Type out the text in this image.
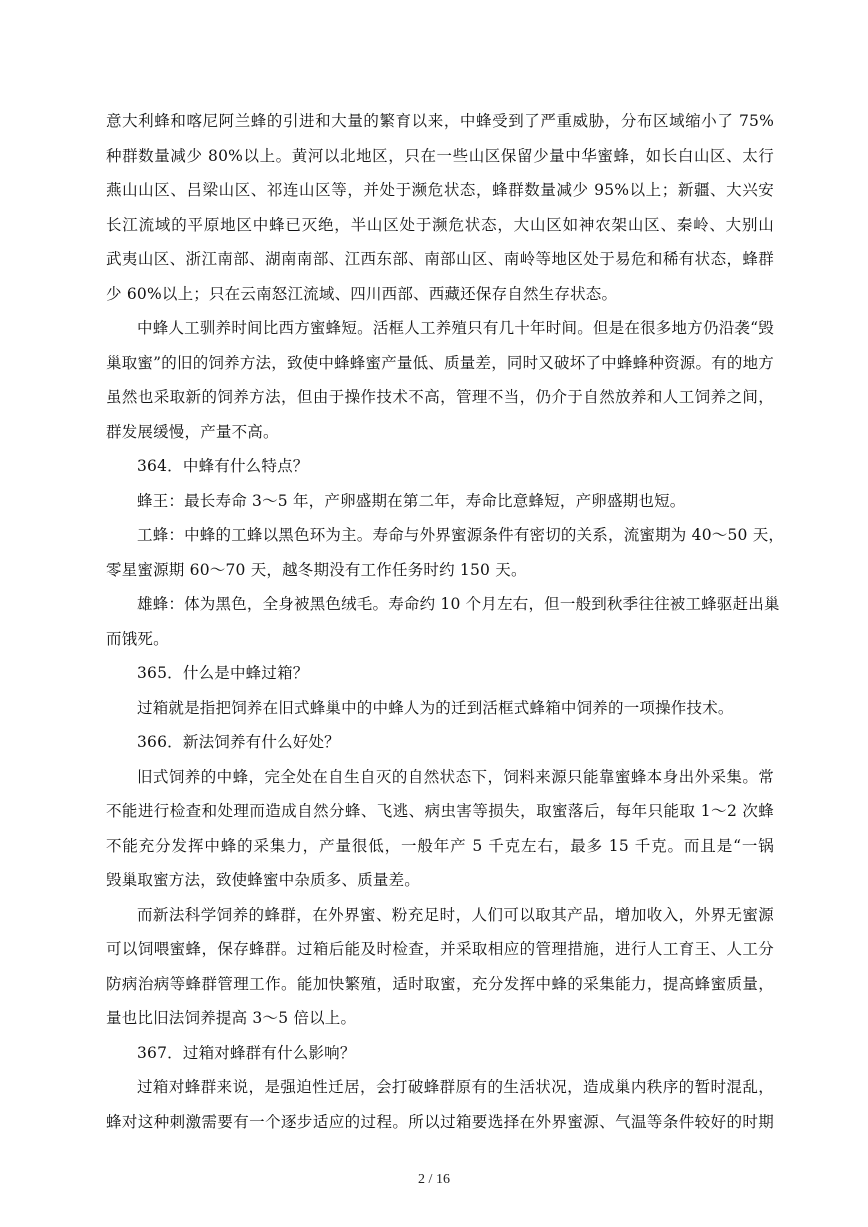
意大利蜂和喀尼阿兰蜂的引进和大量的繁育以来，中蜂受到了严重威胁，分布区域缩小了 75%
种群数量减少 80%以上。黄河以北地区，只在一些山区保留少量中华蜜蜂，如长白山区、太行
燕山山区、吕梁山区、祁连山区等，并处于濒危状态，蜂群数量减少 95%以上；新疆、大兴安
长江流域的平原地区中蜂已灭绝，半山区处于濒危状态，大山区如神农架山区、秦岭、大别山
武夷山区、浙江南部、湖南南部、江西东部、南部山区、南岭等地区处于易危和稀有状态，蜂群
少 60%以上；只在云南怒江流域、四川西部、西藏还保存自然生存状态。
中蜂人工驯养时间比西方蜜蜂短。活框人工养殖只有几十年时间。但是在很多地方仍沿袭“毁
巢取蜜”的旧的饲养方法，致使中蜂蜂蜜产量低、质量差，同时又破坏了中蜂蜂种资源。有的地方
虽然也采取新的饲养方法，但由于操作技术不高，管理不当，仍介于自然放养和人工饲养之间，
群发展缓慢，产量不高。
364．中蜂有什么特点？
蜂王：最长寿命 3～5 年，产卵盛期在第二年，寿命比意蜂短，产卵盛期也短。
工蜂：中蜂的工蜂以黑色环为主。寿命与外界蜜源条件有密切的关系，流蜜期为 40～50 天，
零星蜜源期 60～70 天，越冬期没有工作任务时约 150 天。
雄蜂：体为黑色，全身被黑色绒毛。寿命约 10 个月左右，但一般到秋季往往被工蜂驱赶出巢
而饿死。
365．什么是中蜂过箱？
过箱就是指把饲养在旧式蜂巢中的中蜂人为的迁到活框式蜂箱中饲养的一项操作技术。
366．新法饲养有什么好处？
旧式饲养的中蜂，完全处在自生自灭的自然状态下，饲料来源只能靠蜜蜂本身出外采集。常
不能进行检查和处理而造成自然分蜂、飞逃、病虫害等损失，取蜜落后，每年只能取 1～2 次蜂
不能充分发挥中蜂的采集力，产量很低，一般年产 5 千克左右，最多 15 千克。而且是“一锅
毁巢取蜜方法，致使蜂蜜中杂质多、质量差。
而新法科学饲养的蜂群，在外界蜜、粉充足时，人们可以取其产品，增加收入，外界无蜜源
可以饲喂蜜蜂，保存蜂群。过箱后能及时检查，并采取相应的管理措施，进行人工育王、人工分
防病治病等蜂群管理工作。能加快繁殖，适时取蜜，充分发挥中蜂的采集能力，提高蜂蜜质量，
量也比旧法饲养提高 3～5 倍以上。
367．过箱对蜂群有什么影响？
过箱对蜂群来说，是强迫性迁居，会打破蜂群原有的生活状况，造成巢内秩序的暂时混乱，
蜂对这种刺激需要有一个逐步适应的过程。所以过箱要选择在外界蜜源、气温等条件较好的时期
2 / 16
